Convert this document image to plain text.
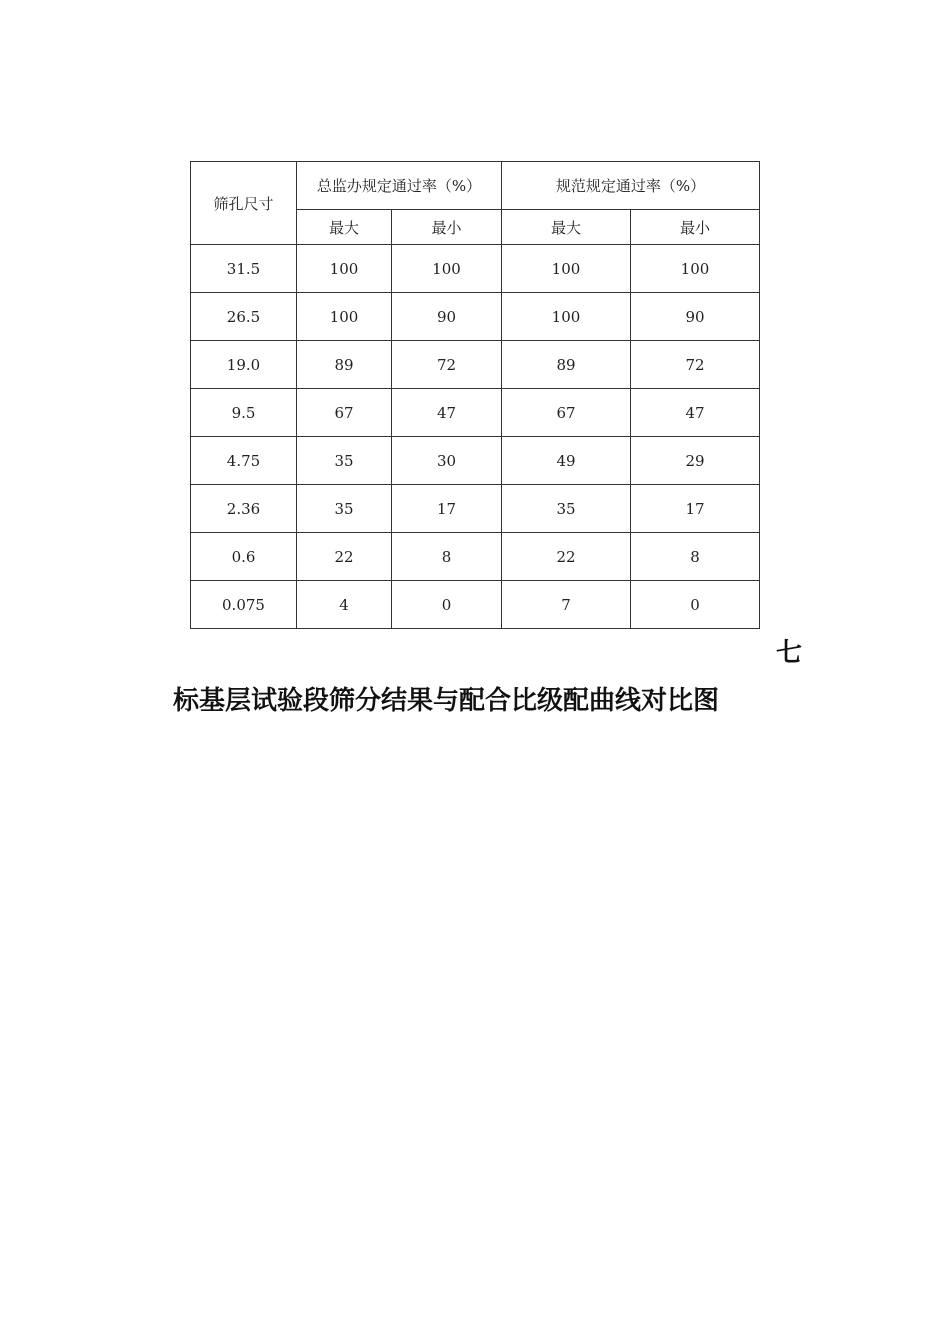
筛孔尺寸	总监办规定通过率（%）		规范规定通过率（%）	
	最大	最小	最大	最小
31.5	100	100	100	100
26.5	100	90	100	90
19.0	89	72	89	72
9.5	67	47	67	47
4.75	35	30	49	29
2.36	35	17	35	17
0.6	22	8	22	8
0.075	4	0	7	0
七
标基层试验段筛分结果与配合比级配曲线对比图
